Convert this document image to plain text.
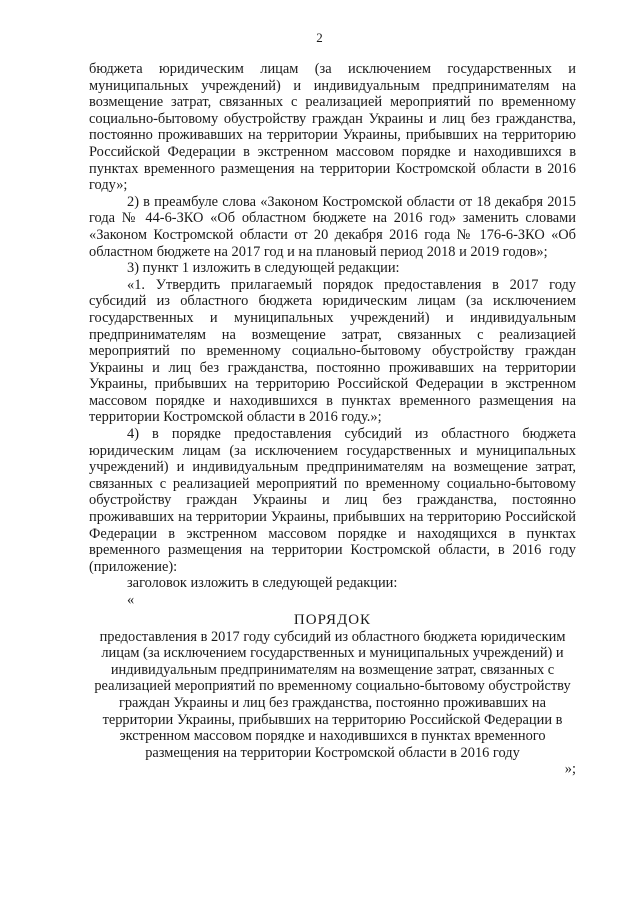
2

бюджета юридическим лицам (за исключением государственных и муниципальных учреждений) и индивидуальным предпринимателям на возмещение затрат, связанных с реализацией мероприятий по временному социально-бытовому обустройству граждан Украины и лиц без гражданства, постоянно проживавших на территории Украины, прибывших на территорию Российской Федерации в экстренном массовом порядке и находившихся в пунктах временного размещения на территории Костромской области в 2016 году»;

2) в преамбуле слова «Законом Костромской области от 18 декабря 2015 года № 44-6-ЗКО «Об областном бюджете на 2016 год» заменить словами «Законом Костромской области от 20 декабря 2016 года № 176-6-ЗКО «Об областном бюджете на 2017 год и на плановый период 2018 и 2019 годов»;

3) пункт 1 изложить в следующей редакции:

«1. Утвердить прилагаемый порядок предоставления в 2017 году субсидий из областного бюджета юридическим лицам (за исключением государственных и муниципальных учреждений) и индивидуальным предпринимателям на возмещение затрат, связанных с реализацией мероприятий по временному социально-бытовому обустройству граждан Украины и лиц без гражданства, постоянно проживавших на территории Украины, прибывших на территорию Российской Федерации в экстренном массовом порядке и находившихся в пунктах временного размещения на территории Костромской области в 2016 году.»;

4) в порядке предоставления субсидий из областного бюджета юридическим лицам (за исключением государственных и муниципальных учреждений) и индивидуальным предпринимателям на возмещение затрат, связанных с реализацией мероприятий по временному социально-бытовому обустройству граждан Украины и лиц без гражданства, постоянно проживавших на территории Украины, прибывших на территорию Российской Федерации в экстренном массовом порядке и находящихся в пунктах временного размещения на территории Костромской области, в 2016 году (приложение):

заголовок изложить в следующей редакции:

«

ПОРЯДОК

предоставления в 2017 году субсидий из областного бюджета юридическим лицам (за исключением государственных и муниципальных учреждений) и индивидуальным предпринимателям на возмещение затрат, связанных с реализацией мероприятий по временному социально-бытовому обустройству граждан Украины и лиц без гражданства, постоянно проживавших на территории Украины, прибывших на территорию Российской Федерации в экстренном массовом порядке и находившихся в пунктах временного размещения на территории Костромской области в 2016 году

»;
